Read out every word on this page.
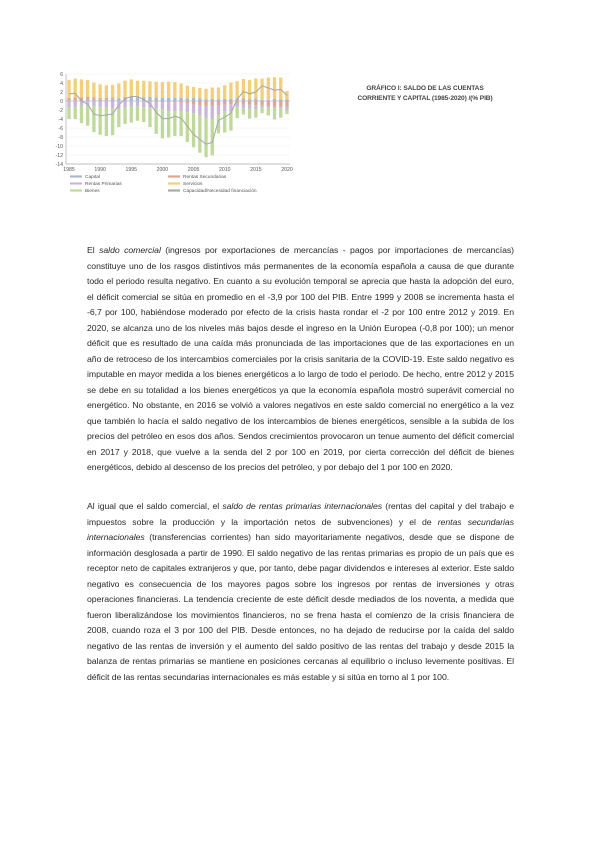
6
4
2
0
-2
-4
-6
-8
-10
-12
-14
1985	1990	1995	2000	2005	2010	2015	2020
Capital
Rentas Primarias
Bienes
Rentas Secundarias
Servicios
Capacidad/Necesidad financiación
GRÁFICO I: SALDO DE LAS CUENTAS
CORRIENTE Y CAPITAL (1985-2020) /(% PIB)

El saldo comercial (ingresos por exportaciones de mercancías - pagos por importaciones de mercancías) constituye uno de los rasgos distintivos más permanentes de la economía española a causa de que durante todo el periodo resulta negativo. En cuanto a su evolución temporal se aprecia que hasta la adopción del euro, el déficit comercial se sitúa en promedio en el -3,9 por 100 del PIB. Entre 1999 y 2008 se incrementa hasta el -6,7 por 100, habiéndose moderado por efecto de la crisis hasta rondar el -2 por 100 entre 2012 y 2019. En 2020, se alcanza uno de los niveles más bajos desde el ingreso en la Unión Europea (-0,8 por 100); un menor déficit que es resultado de una caída más pronunciada de las importaciones que de las exportaciones en un año de retroceso de los intercambios comerciales por la crisis sanitaria de la COVID-19. Este saldo negativo es imputable en mayor medida a los bienes energéticos a lo largo de todo el periodo. De hecho, entre 2012 y 2015 se debe en su totalidad a los bienes energéticos ya que la economía española mostró superávit comercial no energético. No obstante, en 2016 se volvió a valores negativos en este saldo comercial no energético a la vez que también lo hacía el saldo negativo de los intercambios de bienes energéticos, sensible a la subida de los precios del petróleo en esos dos años. Sendos crecimientos provocaron un tenue aumento del déficit comercial en 2017 y 2018, que vuelve a la senda del 2 por 100 en 2019, por cierta corrección del déficit de bienes energéticos, debido al descenso de los precios del petróleo, y por debajo del 1 por 100 en 2020.

Al igual que el saldo comercial, el saldo de rentas primarias internacionales (rentas del capital y del trabajo e impuestos sobre la producción y la importación netos de subvenciones) y el de rentas secundarias internacionales (transferencias corrientes) han sido mayoritariamente negativos, desde que se dispone de información desglosada a partir de 1990. El saldo negativo de las rentas primarias es propio de un país que es receptor neto de capitales extranjeros y que, por tanto, debe pagar dividendos e intereses al exterior. Este saldo negativo es consecuencia de los mayores pagos sobre los ingresos por rentas de inversiones y otras operaciones financieras. La tendencia creciente de este déficit desde mediados de los noventa, a medida que fueron liberalizándose los movimientos financieros, no se frena hasta el comienzo de la crisis financiera de 2008, cuando roza el 3 por 100 del PIB. Desde entonces, no ha dejado de reducirse por la caída del saldo negativo de las rentas de inversión y el aumento del saldo positivo de las rentas del trabajo y desde 2015 la balanza de rentas primarias se mantiene en posiciones cercanas al equilibrio o incluso levemente positivas. El déficit de las rentas secundarias internacionales es más estable y si sitúa en torno al 1 por 100.
